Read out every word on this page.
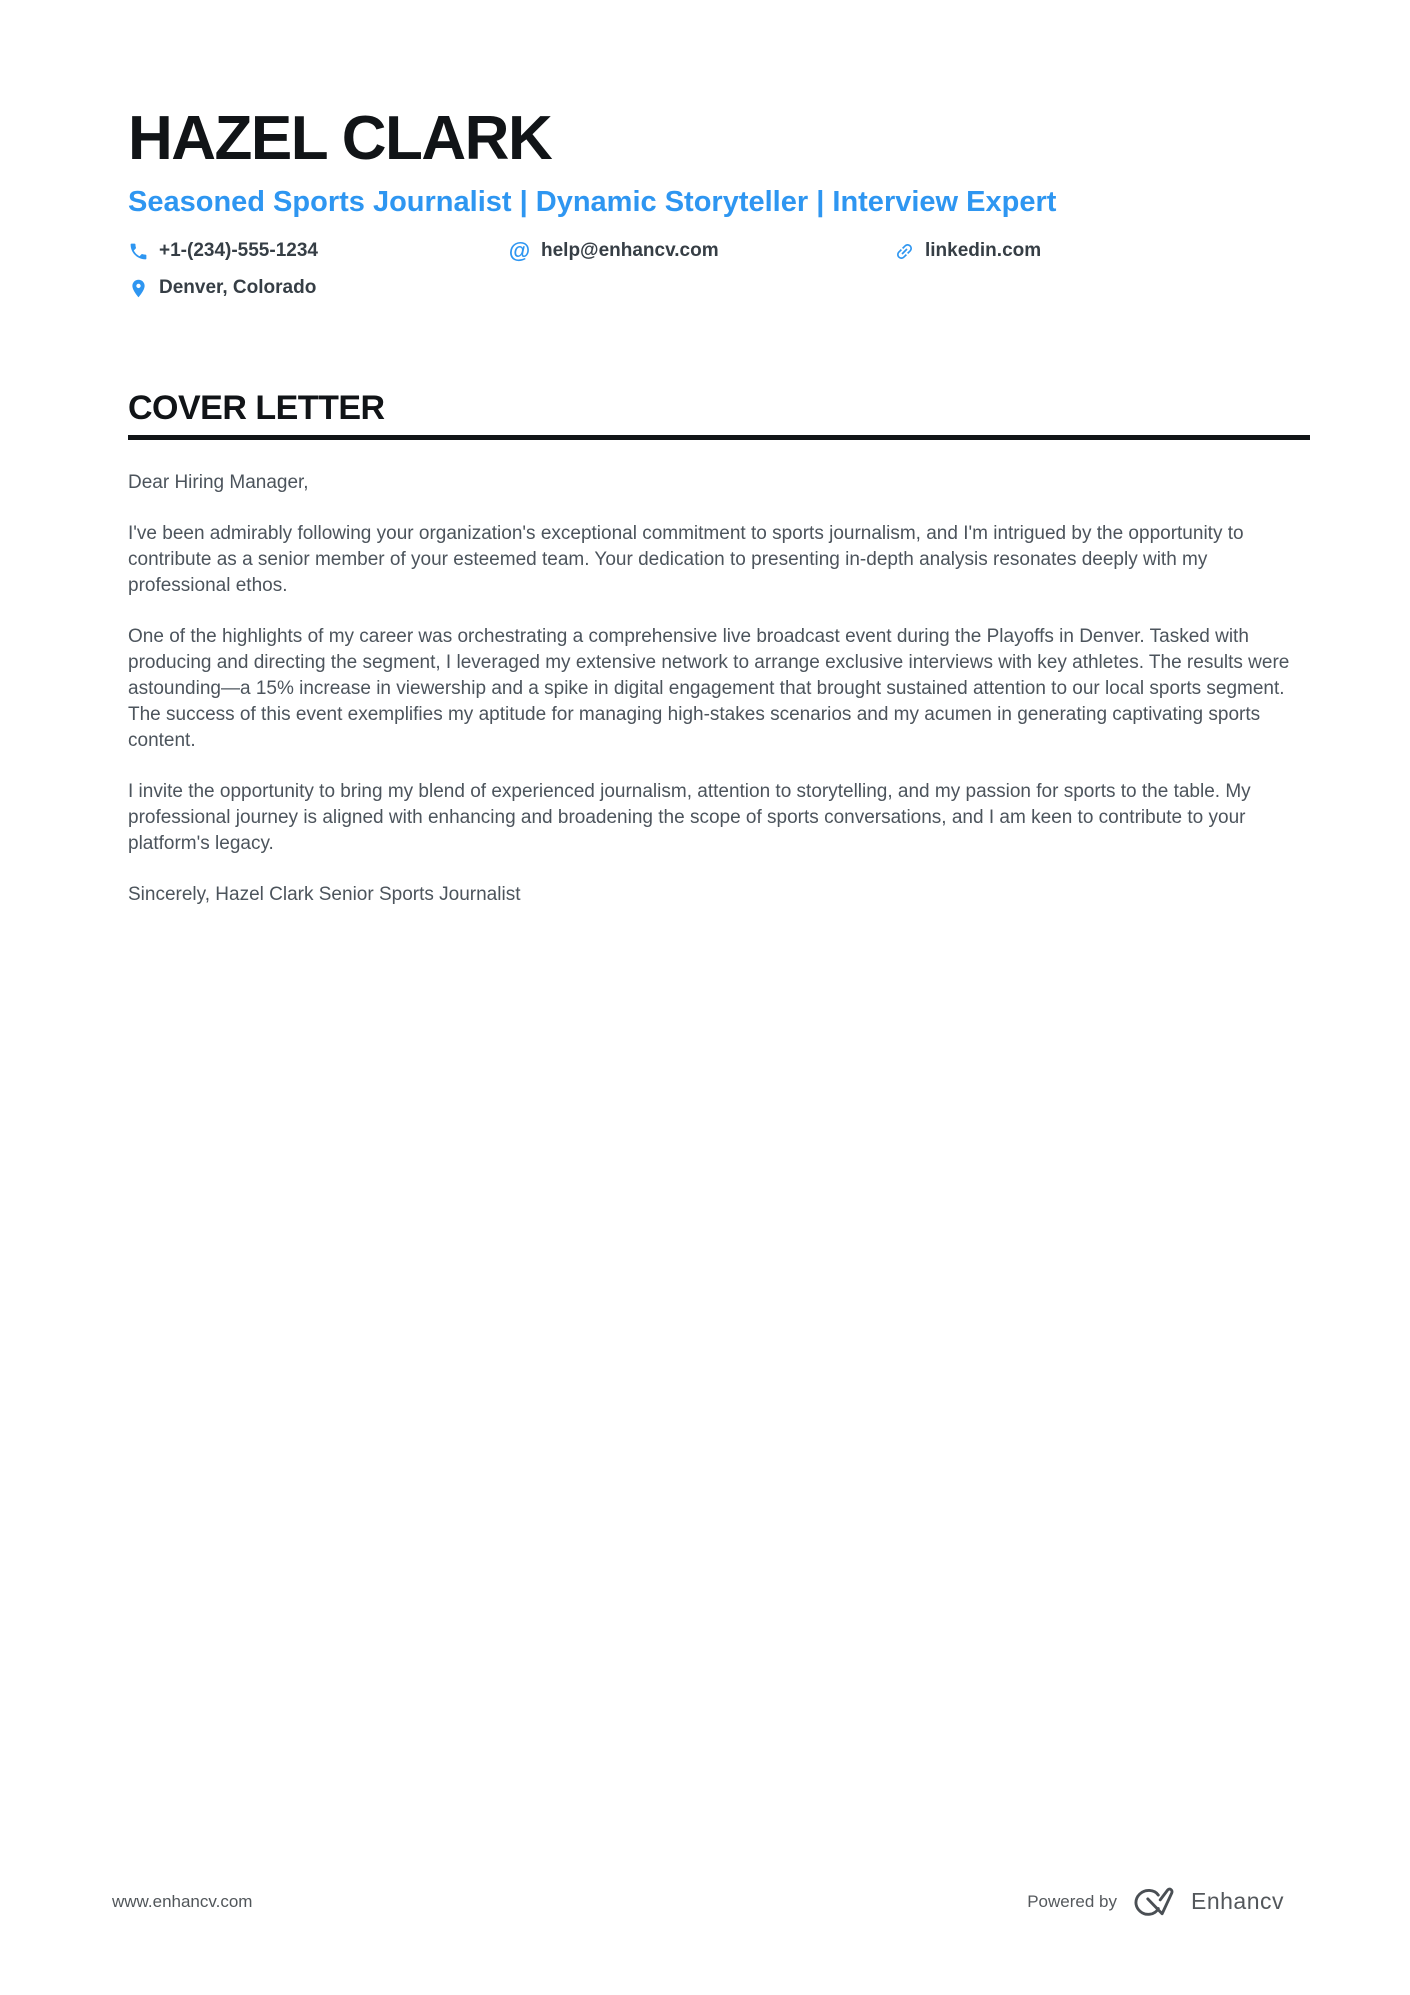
HAZEL CLARK
Seasoned Sports Journalist | Dynamic Storyteller | Interview Expert
+1-(234)-555-1234	@ help@enhancv.com	linkedin.com
Denver, Colorado
COVER LETTER

Dear Hiring Manager,

I've been admirably following your organization's exceptional commitment to sports journalism, and I'm intrigued by the opportunity to contribute as a senior member of your esteemed team. Your dedication to presenting in-depth analysis resonates deeply with my professional ethos.

One of the highlights of my career was orchestrating a comprehensive live broadcast event during the Playoffs in Denver. Tasked with producing and directing the segment, I leveraged my extensive network to arrange exclusive interviews with key athletes. The results were astounding—a 15% increase in viewership and a spike in digital engagement that brought sustained attention to our local sports segment. The success of this event exemplifies my aptitude for managing high-stakes scenarios and my acumen in generating captivating sports content.

I invite the opportunity to bring my blend of experienced journalism, attention to storytelling, and my passion for sports to the table. My professional journey is aligned with enhancing and broadening the scope of sports conversations, and I am keen to contribute to your platform's legacy.

Sincerely, Hazel Clark Senior Sports Journalist

www.enhancv.com	Powered by	Enhancv
